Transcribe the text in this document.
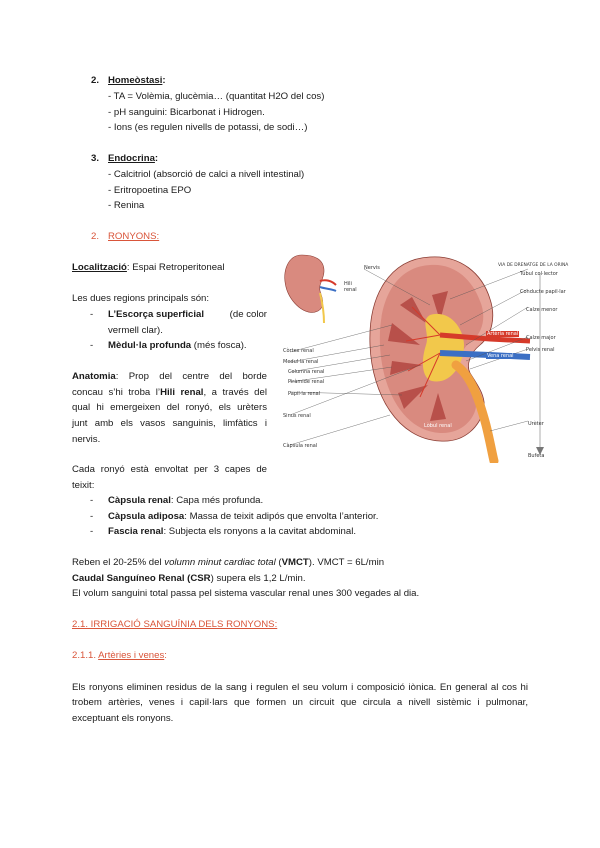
2. Homeòstasi:
- TA = Volèmia, glucèmia… (quantitat H2O del cos)
- pH sanguini: Bicarbonat i Hidrogen.
- Ions (es regulen nivells de potassi, de sodi…)
3. Endocrina:
- Calcitriol (absorció de calci a nivell intestinal)
- Eritropoetina EPO
- Renina
2. RONYONS:
Localització: Espai Retroperitoneal
Les dues regions principals són:
- L’Escorça superficial	(de color
vermell clar).
- Mèdul·la profunda (més fosca).
Anatomia: Prop del centre del borde
concau s’hi troba l’Hili renal, a través del
qual hi emergeixen del ronyó, els urèters
junt amb els vasos sanguinis, limfàtics i
nervis.
Cada ronyó està envoltat per 3 capes de
teixit:
- Càpsula renal: Capa més profunda.
- Càpsula adiposa: Massa de teixit adipós que envolta l’anterior.
- Fascia renal: Subjecta els ronyons a la cavitat abdominal.
Reben el 20-25% del volumn minut cardiac total (VMCT). VMCT = 6L/min
Caudal Sanguíneo Renal (CSR) supera els 1,2 L/min.
El volum sanguini total passa pel sistema vascular renal unes 300 vegades al dia.
2.1. IRRIGACIÓ SANGUÍNIA DELS RONYONS:
2.1.1. Artèries i venes:
Els ronyons eliminen residus de la sang i regulen el seu volum i composició iònica. En general al cos hi
trobem artèries, venes i capil·lars que formen un circuit que circula a nivell sistèmic i pulmonar,
exceptuant els ronyons.
Nervis
Hili renal
Còrtex renal
Medul·la renal
Columna renal
Piràmide renal
Papil·la renal
Sinus renal
Càpsula renal
Lòbul renal
Artèria renal
Vena renal
VIA DE DRENATGE DE LA ORINA
Túbul col·lector
Conducte papil·lar
Calze menor
Calze major
Pelvis renal
Urèter
Bufeta
